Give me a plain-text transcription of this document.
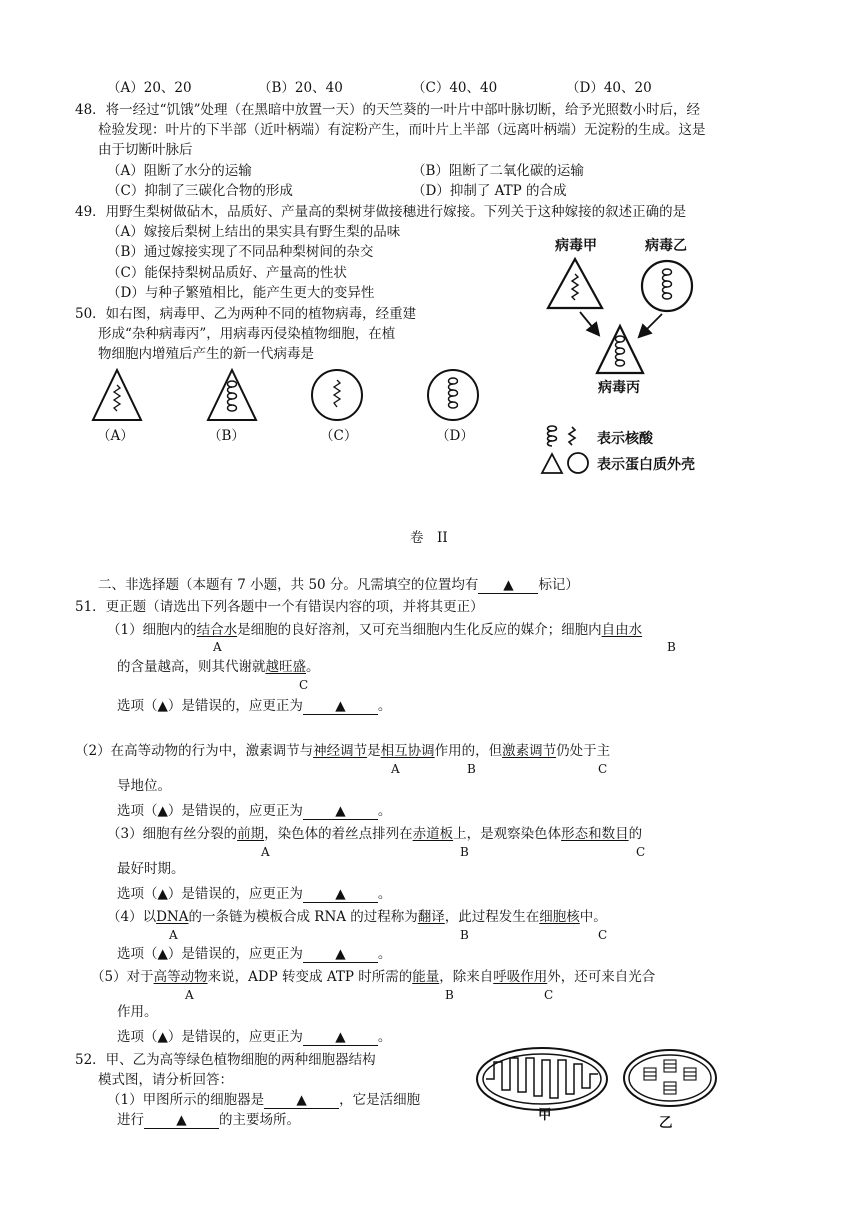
（A）20、20	（B）20、40	（C）40、40	（D）40、20
48．将一经过“饥饿”处理（在黑暗中放置一天）的天竺葵的一叶片中部叶脉切断，给予光照数小时后，经
检验发现：叶片的下半部（近叶柄端）有淀粉产生，而叶片上半部（远离叶柄端）无淀粉的生成。这是
由于切断叶脉后
（A）阻断了水分的运输	（B）阻断了二氧化碳的运输
（C）抑制了三碳化合物的形成	（D）抑制了 ATP 的合成
49．用野生梨树做砧木，品质好、产量高的梨树芽做接穗进行嫁接。下列关于这种嫁接的叙述正确的是
（A）嫁接后梨树上结出的果实具有野生梨的品味
（B）通过嫁接实现了不同品种梨树间的杂交
（C）能保持梨树品质好、产量高的性状
（D）与种子繁殖相比，能产生更大的变异性
50．如右图，病毒甲、乙为两种不同的植物病毒，经重建
形成“杂种病毒丙”，用病毒丙侵染植物细胞，在植
物细胞内增殖后产生的新一代病毒是
（A）	（B）	（C）	（D）
病毒甲	病毒乙
病毒丙
表示核酸
表示蛋白质外壳
卷　II
二、非选择题（本题有 7 小题，共 50 分。凡需填空的位置均有 ▲ 标记）
51．更正题（请选出下列各题中一个有错误内容的项，并将其更正）
（1）细胞内的结合水是细胞的良好溶剂，又可充当细胞内生化反应的媒介；细胞内自由水
A	B
的含量越高，则其代谢就越旺盛。
C
选项（▲）是错误的，应更正为 ▲ 。
（2）在高等动物的行为中，激素调节与神经调节是相互协调作用的，但激素调节仍处于主
A	B	C
导地位。
选项（▲）是错误的，应更正为 ▲ 。
（3）细胞有丝分裂的前期，染色体的着丝点排列在赤道板上，是观察染色体形态和数目的
A	B	C
最好时期。
选项（▲）是错误的，应更正为 ▲ 。
（4）以DNA的一条链为模板合成 RNA 的过程称为翻译，此过程发生在细胞核中。
A	B	C
选项（▲）是错误的，应更正为 ▲ 。
（5）对于高等动物来说，ADP 转变成 ATP 时所需的能量，除来自呼吸作用外，还可来自光合
A	B	C
作用。
选项（▲）是错误的，应更正为 ▲ 。
52．甲、乙为高等绿色植物细胞的两种细胞器结构
模式图，请分析回答：
（1）甲图所示的细胞器是 ▲ ，它是活细胞
进行 ▲ 的主要场所。	甲	乙
